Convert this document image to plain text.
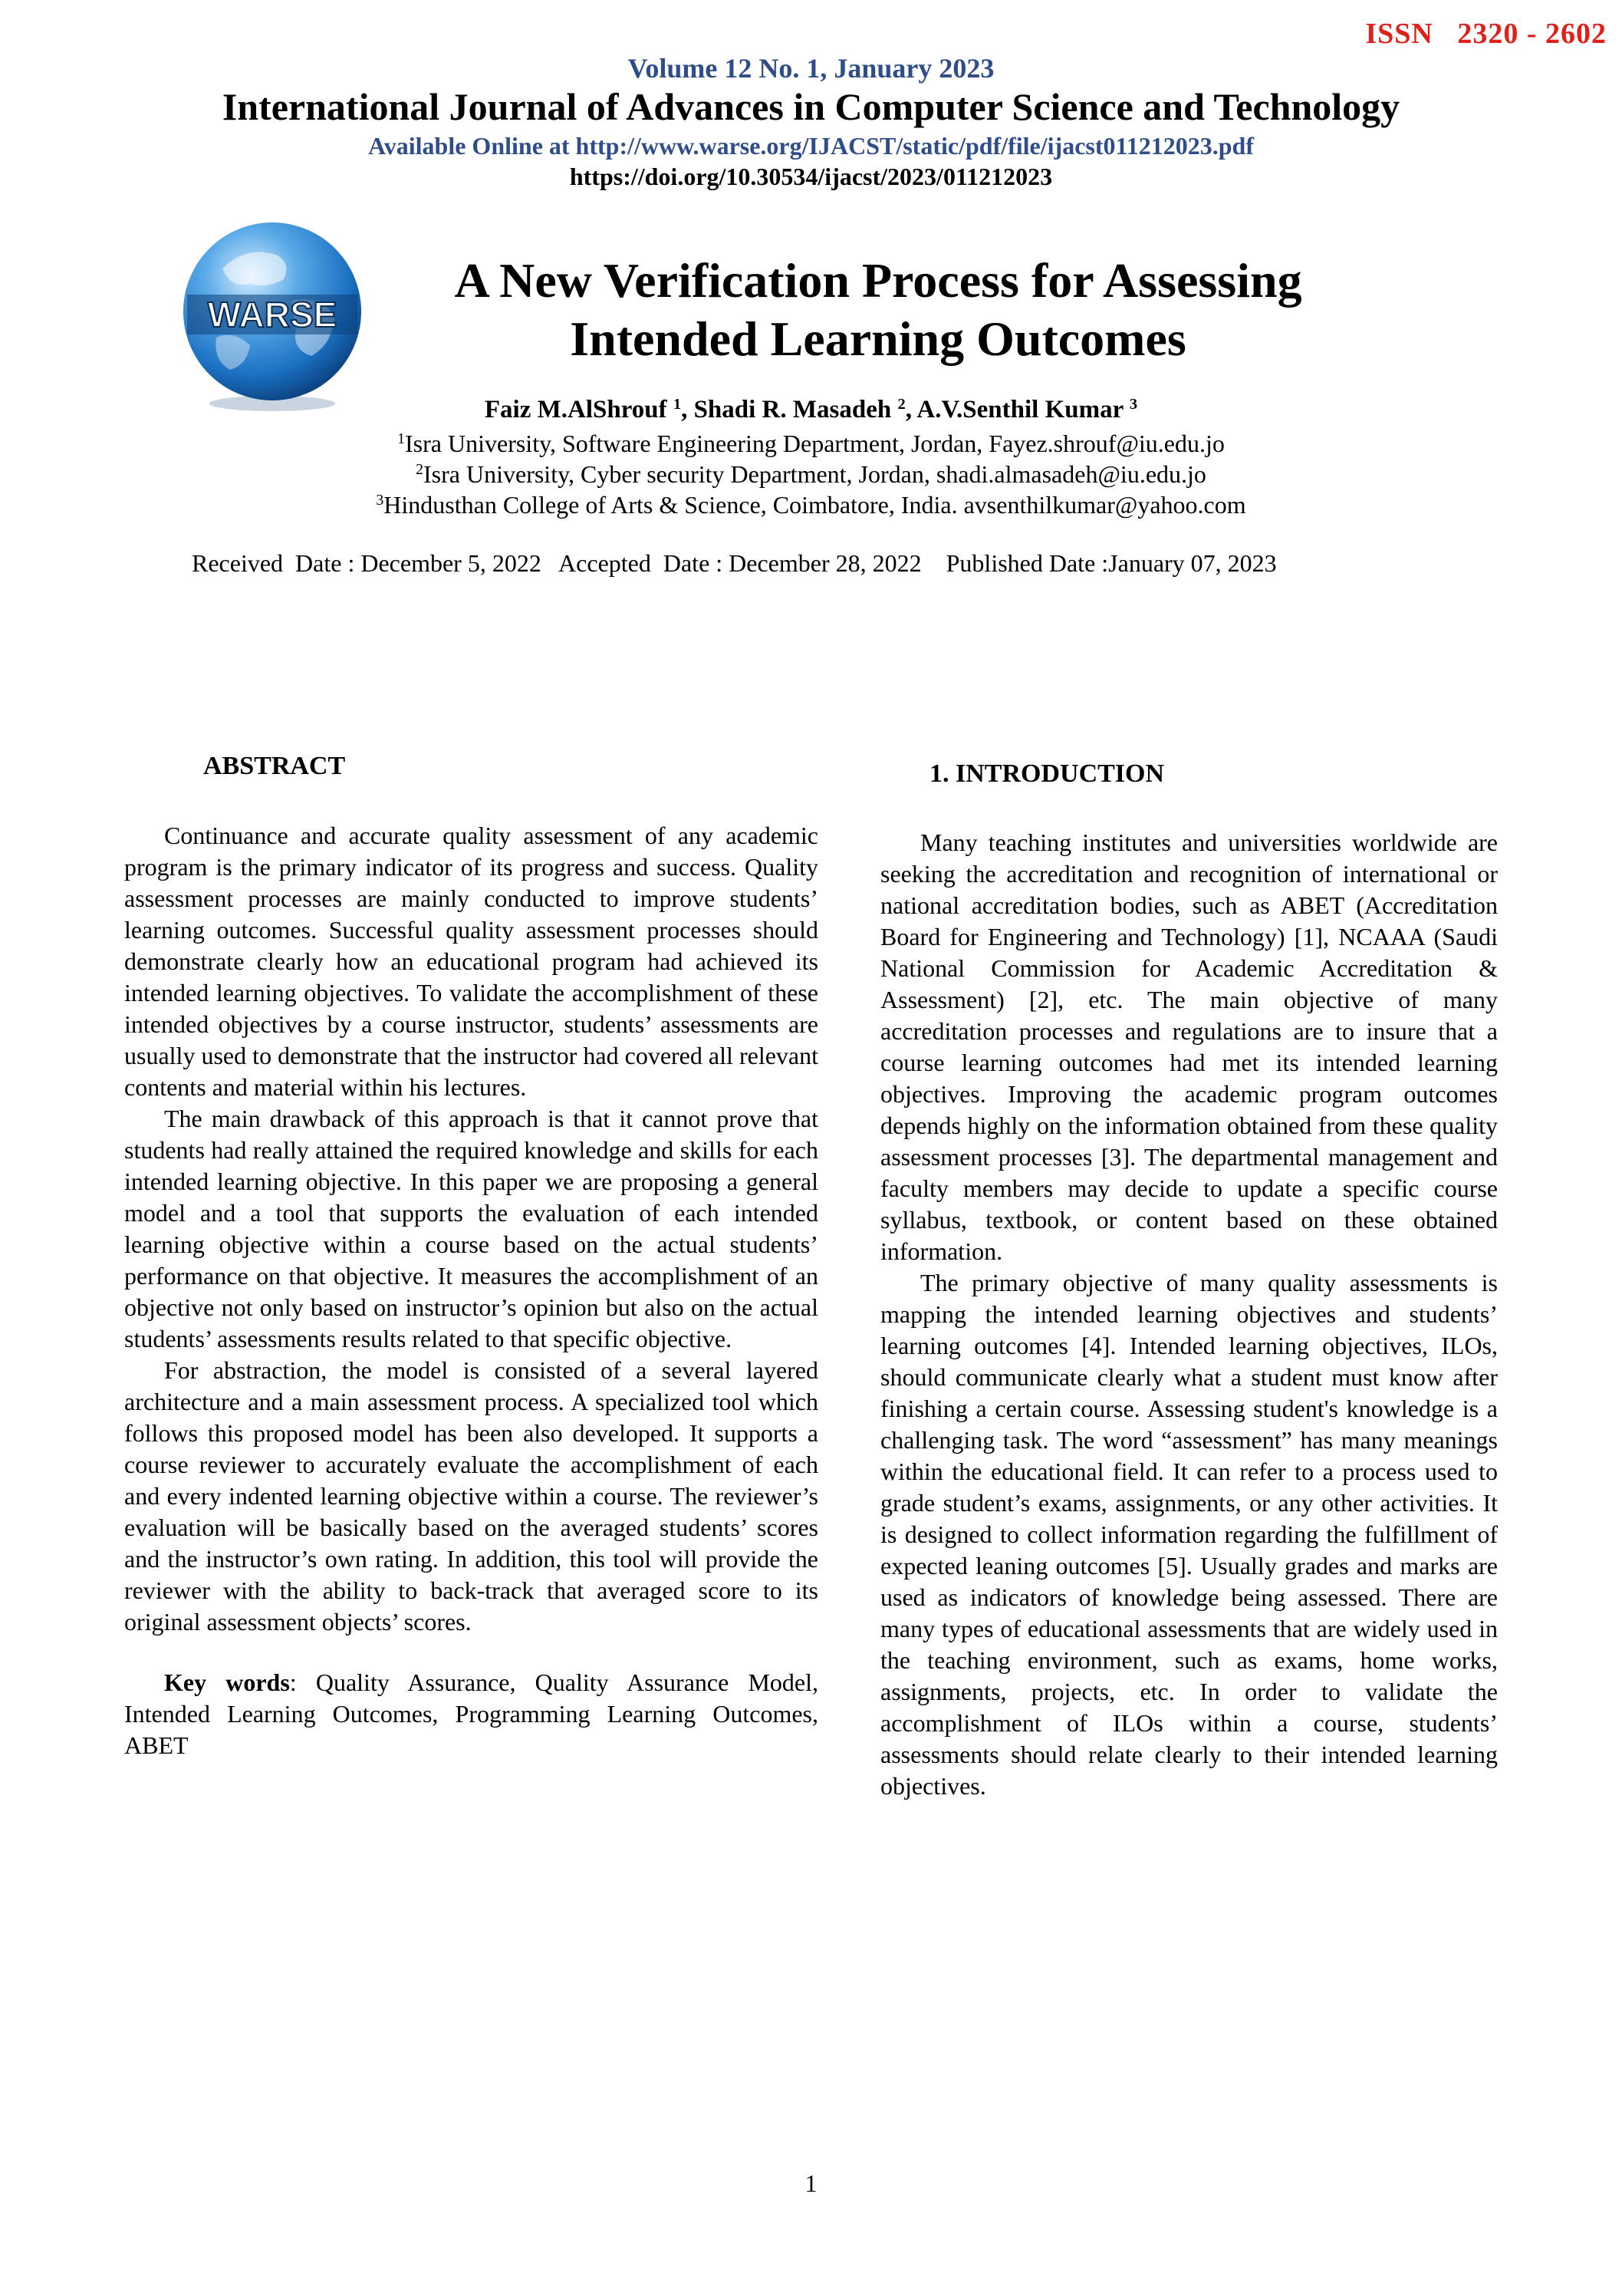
ISSN   2320 - 2602
Volume 12 No. 1, January 2023
International Journal of Advances in Computer Science and Technology
Available Online at http://www.warse.org/IJACST/static/pdf/file/ijacst011212023.pdf
https://doi.org/10.30534/ijacst/2023/011212023
WARSE
A New Verification Process for Assessing
Intended Learning Outcomes
Faiz M.AlShrouf $^1$, Shadi R. Masadeh $^2$, A.V.Senthil Kumar $^3$
$^1$Isra University, Software Engineering Department, Jordan, Fayez.shrouf@iu.edu.jo
$^2$Isra University, Cyber security Department, Jordan, shadi.almasadeh@iu.edu.jo
$^3$Hindusthan College of Arts & Science, Coimbatore, India. avsenthilkumar@yahoo.com
Received  Date : December 5, 2022   Accepted  Date : December 28, 2022    Published Date :January 07, 2023
ABSTRACT	1. INTRODUCTION

Continuance and accurate quality assessment of any academic program is the primary indicator of its progress and success. Quality assessment processes are mainly conducted to improve students’ learning outcomes. Successful quality assessment processes should demonstrate clearly how an educational program had achieved its intended learning objectives. To validate the accomplishment of these intended objectives by a course instructor, students’ assessments are usually used to demonstrate that the instructor had covered all relevant contents and material within his lectures.

The main drawback of this approach is that it cannot prove that students had really attained the required knowledge and skills for each intended learning objective. In this paper we are proposing a general model and a tool that supports the evaluation of each intended learning objective within a course based on the actual students’ performance on that objective. It measures the accomplishment of an objective not only based on instructor’s opinion but also on the actual students’ assessments results related to that specific objective.

For abstraction, the model is consisted of a several layered architecture and a main assessment process. A specialized tool which follows this proposed model has been also developed. It supports a course reviewer to accurately evaluate the accomplishment of each and every indented learning objective within a course. The reviewer’s evaluation will be basically based on the averaged students’ scores and the instructor’s own rating. In addition, this tool will provide the reviewer with the ability to back-track that averaged score to its original assessment objects’ scores.

Key words: Quality Assurance, Quality Assurance Model, Intended Learning Outcomes, Programming Learning Outcomes, ABET

Many teaching institutes and universities worldwide are seeking the accreditation and recognition of international or national accreditation bodies, such as ABET (Accreditation Board for Engineering and Technology) [1], NCAAA (Saudi National Commission for Academic Accreditation & Assessment) [2], etc. The main objective of many accreditation processes and regulations are to insure that a course learning outcomes had met its intended learning objectives. Improving the academic program outcomes depends highly on the information obtained from these quality assessment processes [3]. The departmental management and faculty members may decide to update a specific course syllabus, textbook, or content based on these obtained information.

The primary objective of many quality assessments is mapping the intended learning objectives and students’ learning outcomes [4]. Intended learning objectives, ILOs, should communicate clearly what a student must know after finishing a certain course. Assessing student's knowledge is a challenging task. The word “assessment” has many meanings within the educational field. It can refer to a process used to grade student’s exams, assignments, or any other activities. It is designed to collect information regarding the fulfillment of expected leaning outcomes [5]. Usually grades and marks are used as indicators of knowledge being assessed. There are many types of educational assessments that are widely used in the teaching environment, such as exams, home works, assignments, projects, etc. In order to validate the accomplishment of ILOs within a course, students’ assessments should relate clearly to their intended learning objectives.

1
